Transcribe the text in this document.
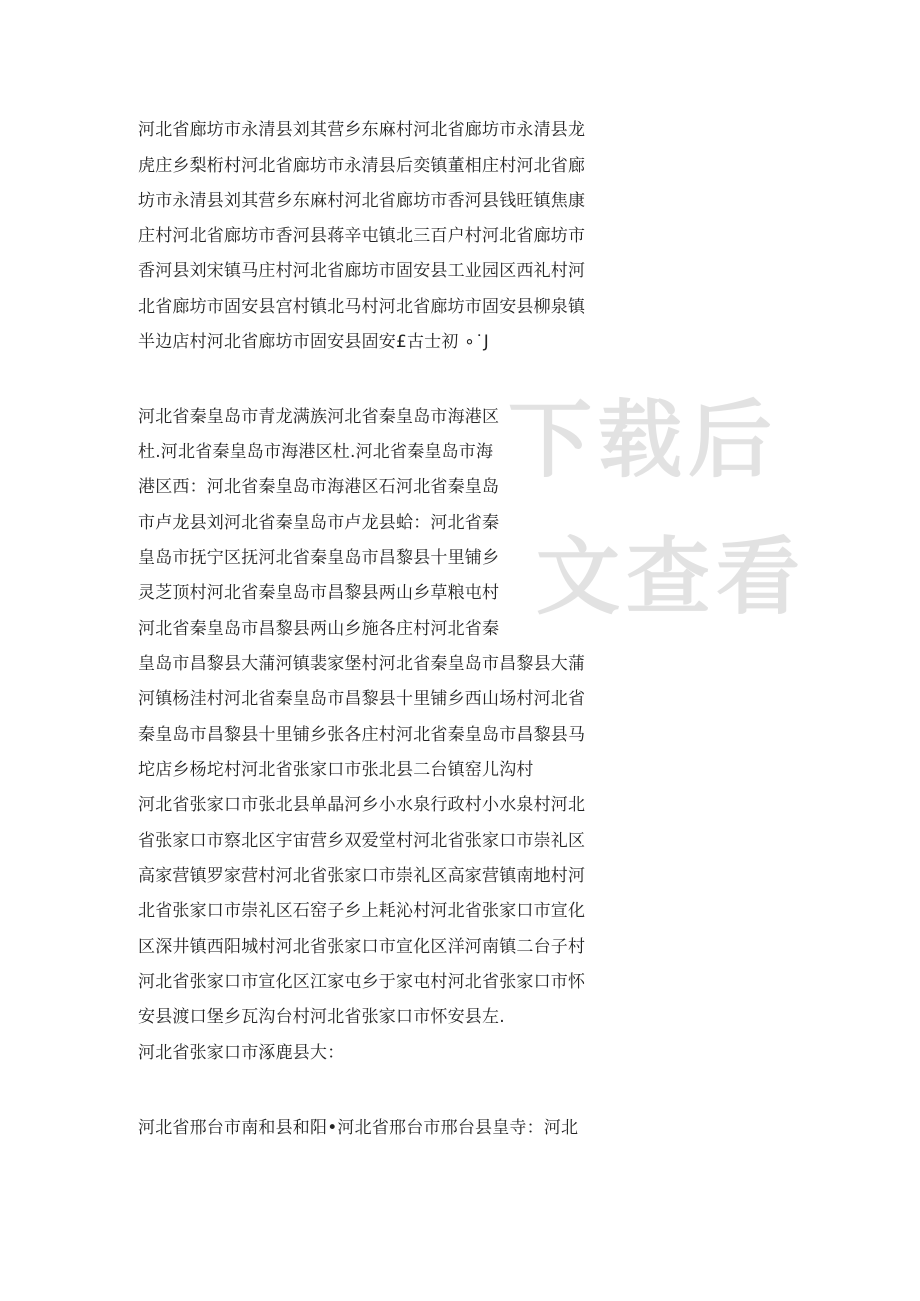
下载后
文查看
河北省廊坊市永清县刘其营乡东麻村河北省廊坊市永清县龙
虎庄乡梨桁村河北省廊坊市永清县后奕镇董相庄村河北省廊
坊市永清县刘其营乡东麻村河北省廊坊市香河县钱旺镇焦康
庄村河北省廊坊市香河县蒋辛屯镇北三百户村河北省廊坊市
香河县刘宋镇马庄村河北省廊坊市固安县工业园区西礼村河
北省廊坊市固安县宫村镇北马村河北省廊坊市固安县柳泉镇
半边店村河北省廊坊市固安县固安£古士初 ∘˙J
河北省秦皇岛市青龙满族河北省秦皇岛市海港区
杜.河北省秦皇岛市海港区杜.河北省秦皇岛市海
港区西：河北省秦皇岛市海港区石河北省秦皇岛
市卢龙县刘河北省秦皇岛市卢龙县蛤：河北省秦
皇岛市抚宁区抚河北省秦皇岛市昌黎县十里铺乡
灵芝顶村河北省秦皇岛市昌黎县两山乡草粮屯村
河北省秦皇岛市昌黎县两山乡施各庄村河北省秦
皇岛市昌黎县大蒲河镇裴家堡村河北省秦皇岛市昌黎县大蒲
河镇杨洼村河北省秦皇岛市昌黎县十里铺乡西山场村河北省
秦皇岛市昌黎县十里铺乡张各庄村河北省秦皇岛市昌黎县马
坨店乡杨坨村河北省张家口市张北县二台镇窑儿沟村
河北省张家口市张北县单晶河乡小水泉行政村小水泉村河北
省张家口市察北区宇宙营乡双爱堂村河北省张家口市崇礼区
高家营镇罗家营村河北省张家口市崇礼区高家营镇南地村河
北省张家口市崇礼区石窑子乡上耗沁村河北省张家口市宣化
区深井镇西阳城村河北省张家口市宣化区洋河南镇二台子村
河北省张家口市宣化区江家屯乡于家屯村河北省张家口市怀
安县渡口堡乡瓦沟台村河北省张家口市怀安县左.
河北省张家口市涿鹿县大：
河北省邢台市南和县和阳•河北省邢台市邢台县皇寺：河北
